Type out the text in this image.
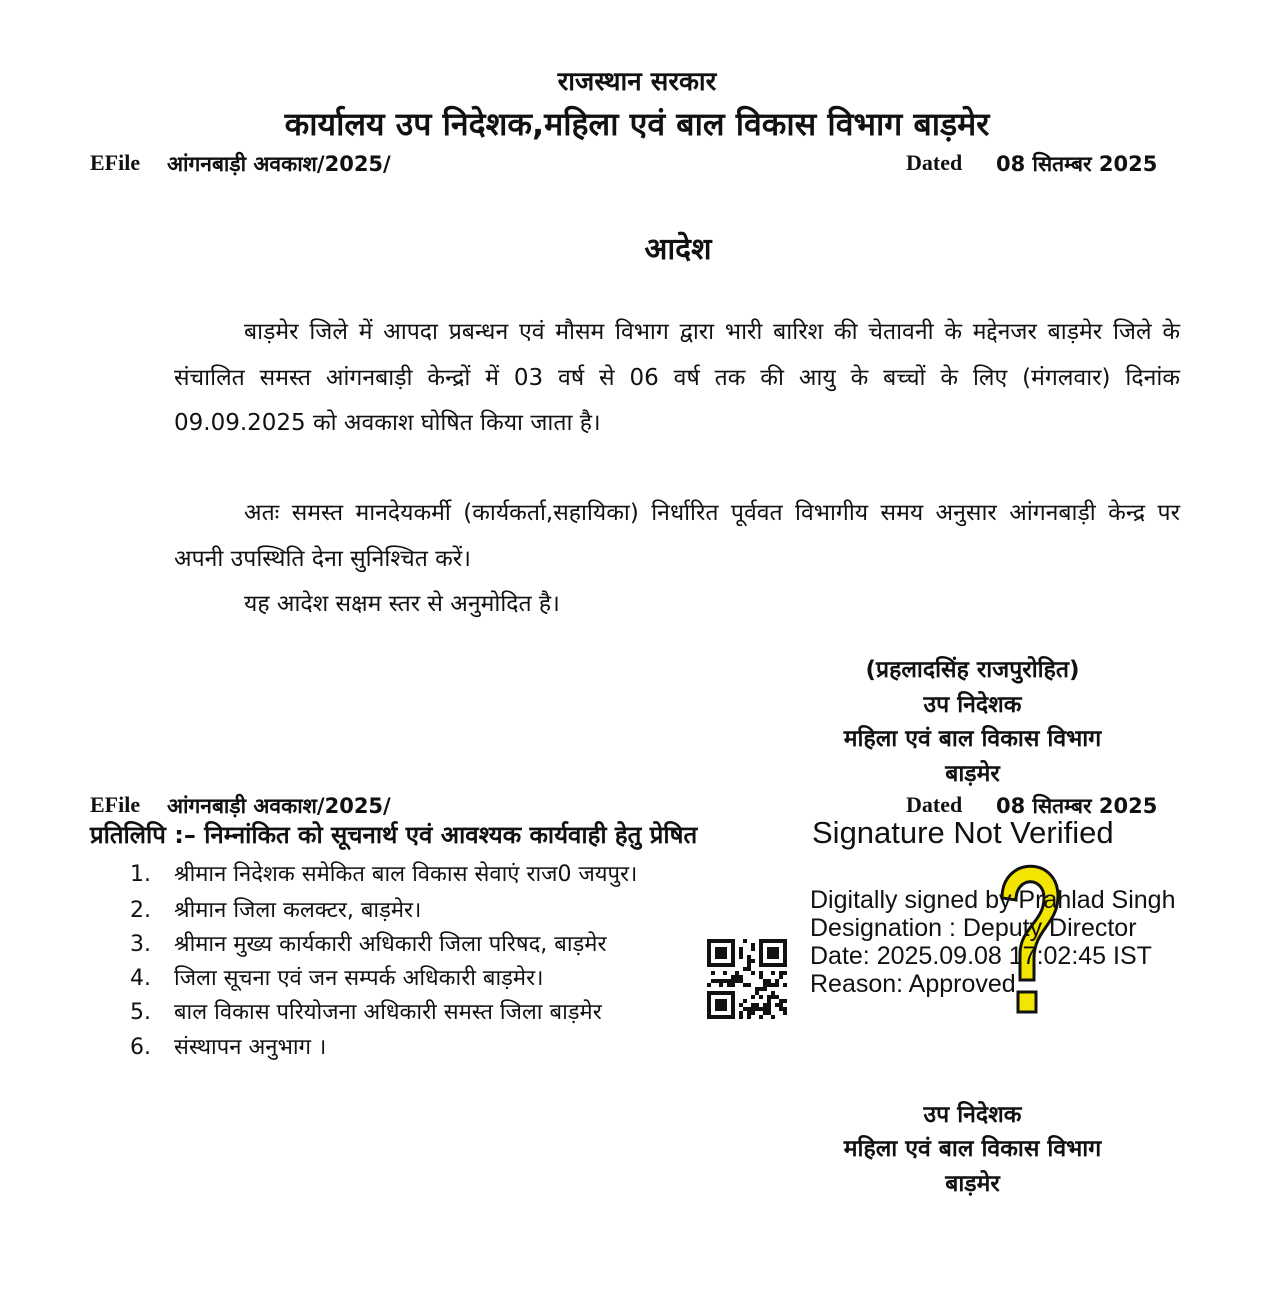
राजस्थान सरकार
कार्यालय उप निदेशक,महिला एवं बाल विकास विभाग बाड़मेर
EFile आंगनबाड़ी अवकाश/2025/	Dated 08 सितम्बर 2025
आदेश
बाड़मेर जिले में आपदा प्रबन्धन एवं मौसम विभाग द्वारा भारी बारिश की चेतावनी के मद्देनजर बाड़मेर जिले के संचालित समस्त आंगनबाड़ी केन्द्रों में 03 वर्ष से 06 वर्ष तक की आयु के बच्चों के लिए (मंगलवार) दिनांक 09.09.2025 को अवकाश घोषित किया जाता है।
अतः समस्त मानदेयकर्मी (कार्यकर्ता,सहायिका) निर्धारित पूर्ववत विभागीय समय अनुसार आंगनबाड़ी केन्द्र पर अपनी उपस्थिति देना सुनिश्चित करें।
यह आदेश सक्षम स्तर से अनुमोदित है।
(प्रहलादसिंह राजपुरोहित)
उप निदेशक
महिला एवं बाल विकास विभाग
बाड़मेर
EFile आंगनबाड़ी अवकाश/2025/	Dated 08 सितम्बर 2025
प्रतिलिपि :– निम्नांकित को सूचनार्थ एवं आवश्यक कार्यवाही हेतु प्रेषित
1. श्रीमान निदेशक समेकित बाल विकास सेवाएं राज0 जयपुर।
2. श्रीमान जिला कलक्टर, बाड़मेर।
3. श्रीमान मुख्य कार्यकारी अधिकारी जिला परिषद, बाड़मेर
4. जिला सूचना एवं जन सम्पर्क अधिकारी बाड़मेर।
5. बाल विकास परियोजना अधिकारी समस्त जिला बाड़मेर
6. संस्थापन अनुभाग ।
Signature Not Verified
Digitally signed by Prahlad Singh
Designation : Deputy Director
Date: 2025.09.08 17:02:45 IST
Reason: Approved
उप निदेशक
महिला एवं बाल विकास विभाग
बाड़मेर
